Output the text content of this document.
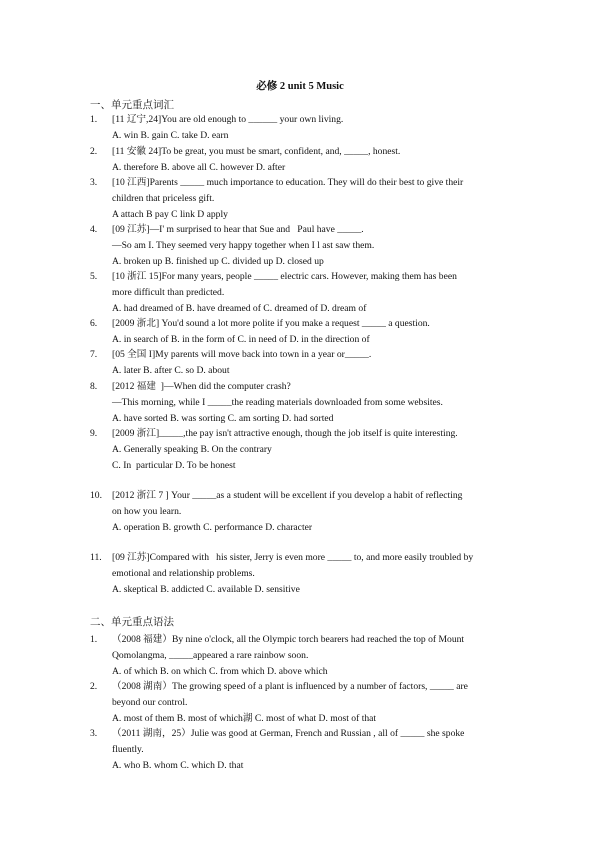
必修 2 unit 5 Music
一、单元重点词汇
1. [11 辽宁,24]You are old enough to ______ your own living.
A. win B. gain C. take D. earn
2. [11 安徽 24]To be great, you must be smart, confident, and, _____, honest.
A. therefore B. above all C. however D. after
3. [10 江西]Parents _____ much importance to education. They will do their best to give their
children that priceless gift.
A attach B pay C link D apply
4. [09 江苏]—I' m surprised to hear that Sue and   Paul have _____.
—So am I. They seemed very happy together when I l ast saw them.
A. broken up B. finished up C. divided up D. closed up
5. [10 浙江 15]For many years, people _____ electric cars. However, making them has been
more difficult than predicted.
A. had dreamed of B. have dreamed of C. dreamed of D. dream of
6. [2009 浙北] You'd sound a lot more polite if you make a request _____ a question.
A. in search of B. in the form of C. in need of D. in the direction of
7. [05 全国 I]My parents will move back into town in a year or_____.
A. later B. after C. so D. about
8. [2012 福建  ]—When did the computer crash?
—This morning, while I _____the reading materials downloaded from some websites.
A. have sorted B. was sorting C. am sorting D. had sorted
9. [2009 浙江]_____,the pay isn't attractive enough, though the job itself is quite interesting.
A. Generally speaking B. On the contrary
C. In  particular D. To be honest
10. [2012 浙江 7 ] Your _____as a student will be excellent if you develop a habit of reflecting
on how you learn.
A. operation B. growth C. performance D. character
11. [09 江苏]Compared with   his sister, Jerry is even more _____ to, and more easily troubled by
emotional and relationship problems.
A. skeptical B. addicted C. available D. sensitive
二、单元重点语法
1. （2008 福建）By nine o'clock, all the Olympic torch bearers had reached the top of Mount
Qomolangma, _____appeared a rare rainbow soon.
A. of which B. on which C. from which D. above which
2. （2008 湖南）The growing speed of a plant is influenced by a number of factors, _____ are
beyond our control.
A. most of them B. most of which湖 C. most of what D. most of that
3. （2011 湖南，25）Julie was good at German, French and Russian , all of _____ she spoke
fluently.
A. who B. whom C. which D. that
